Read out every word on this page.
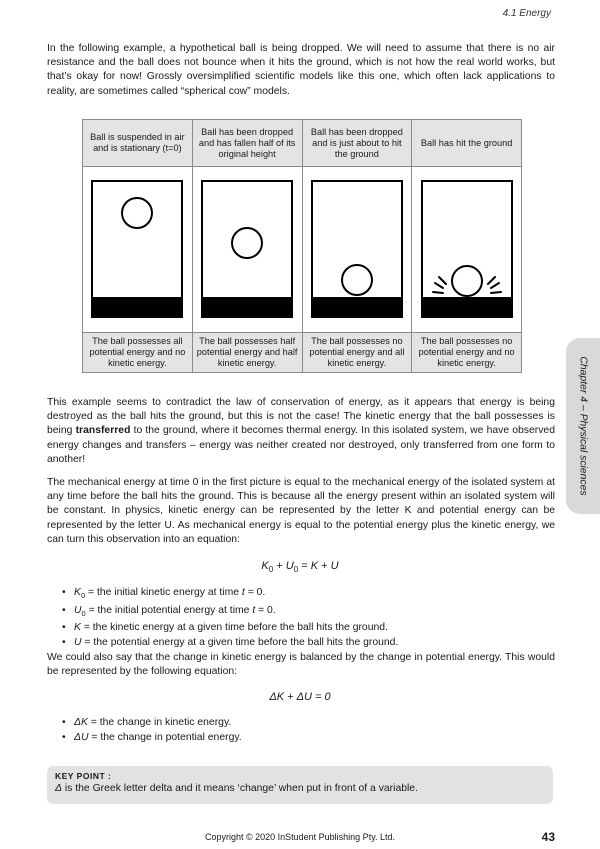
4.1 Energy

In the following example, a hypothetical ball is being dropped. We will need to assume that there is no air resistance and the ball does not bounce when it hits the ground, which is not how the real world works, but that’s okay for now! Grossly oversimplified scientific models like this one, which often lack applications to reality, are sometimes called “spherical cow” models.

Ball is suspended in air and is stationary (t=0)	Ball has been dropped and has fallen half of its original height	Ball has been dropped and is just about to hit the ground	Ball has hit the ground

The ball possesses all potential energy and no kinetic energy.	The ball possesses half potential energy and half kinetic energy.	The ball possesses no potential energy and all kinetic energy.	The ball possesses no potential energy and no kinetic energy.

This example seems to contradict the law of conservation of energy, as it appears that energy is being destroyed as the ball hits the ground, but this is not the case! The kinetic energy that the ball possesses is being transferred to the ground, where it becomes thermal energy. In this isolated system, we have observed energy changes and transfers – energy was neither created nor destroyed, only transferred from one form to another!

The mechanical energy at time 0 in the first picture is equal to the mechanical energy of the isolated system at any time before the ball hits the ground. This is because all the energy present within an isolated system will be constant. In physics, kinetic energy can be represented by the letter K and potential energy can be represented by the letter U. As mechanical energy is equal to the potential energy plus the kinetic energy, we can turn this observation into an equation:

$K_0 + U_0 = K + U$
• $K_0$ = the initial kinetic energy at time t = 0.
• $U_0$ = the initial potential energy at time t = 0.
• K = the kinetic energy at a given time before the ball hits the ground.
• U = the potential energy at a given time before the ball hits the ground.

We could also say that the change in kinetic energy is balanced by the change in potential energy. This would be represented by the following equation:

ΔK + ΔU = 0
• ΔK = the change in kinetic energy.
• ΔU = the change in potential energy.
KEY POINT :
Δ is the Greek letter delta and it means ‘change’ when put in front of a variable.
Chapter 4 – Physical sciences
Copyright © 2020 InStudent Publishing Pty. Ltd.	43
